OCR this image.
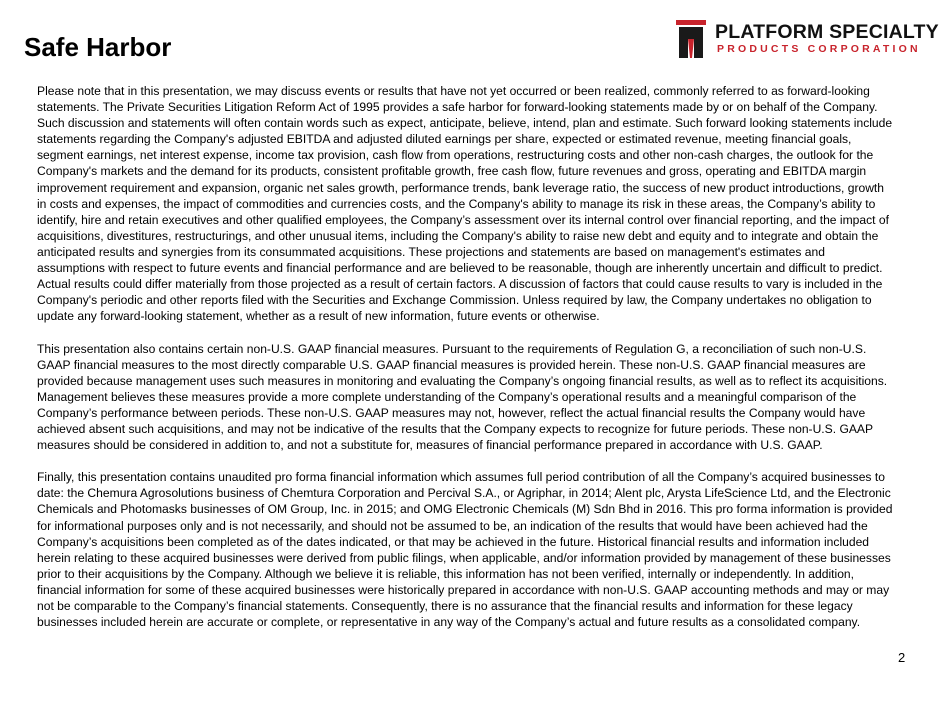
Safe Harbor	PLATFORM SPECIALTY
PRODUCTS CORPORATION

Please note that in this presentation, we may discuss events or results that have not yet occurred or been realized, commonly referred to as forward-looking statements. The Private Securities Litigation Reform Act of 1995 provides a safe harbor for forward-looking statements made by or on behalf of the Company. Such discussion and statements will often contain words such as expect, anticipate, believe, intend, plan and estimate. Such forward looking statements include statements regarding the Company's adjusted EBITDA and adjusted diluted earnings per share, expected or estimated revenue, meeting financial goals, segment earnings, net interest expense, income tax provision, cash flow from operations, restructuring costs and other non-cash charges, the outlook for the Company's markets and the demand for its products, consistent profitable growth, free cash flow, future revenues and gross, operating and EBITDA margin improvement requirement and expansion, organic net sales growth, performance trends, bank leverage ratio, the success of new product introductions, growth in costs and expenses, the impact of commodities and currencies costs, and the Company's ability to manage its risk in these areas, the Company’s ability to identify, hire and retain executives and other qualified employees, the Company’s assessment over its internal control over financial reporting, and the impact of acquisitions, divestitures, restructurings, and other unusual items, including the Company's ability to raise new debt and equity and to integrate and obtain the anticipated results and synergies from its consummated acquisitions. These projections and statements are based on management's estimates and assumptions with respect to future events and financial performance and are believed to be reasonable, though are inherently uncertain and difficult to predict. Actual results could differ materially from those projected as a result of certain factors. A discussion of factors that could cause results to vary is included in the Company's periodic and other reports filed with the Securities and Exchange Commission. Unless required by law, the Company undertakes no obligation to update any forward-looking statement, whether as a result of new information, future events or otherwise.

This presentation also contains certain non-U.S. GAAP financial measures. Pursuant to the requirements of Regulation G, a reconciliation of such non-U.S. GAAP financial measures to the most directly comparable U.S. GAAP financial measures is provided herein. These non-U.S. GAAP financial measures are provided because management uses such measures in monitoring and evaluating the Company’s ongoing financial results, as well as to reflect its acquisitions. Management believes these measures provide a more complete understanding of the Company’s operational results and a meaningful comparison of the Company’s performance between periods. These non-U.S. GAAP measures may not, however, reflect the actual financial results the Company would have achieved absent such acquisitions, and may not be indicative of the results that the Company expects to recognize for future periods. These non-U.S. GAAP measures should be considered in addition to, and not a substitute for, measures of financial performance prepared in accordance with U.S. GAAP.

Finally, this presentation contains unaudited pro forma financial information which assumes full period contribution of all the Company’s acquired businesses to date: the Chemura Agrosolutions business of Chemtura Corporation and Percival S.A., or Agriphar, in 2014; Alent plc, Arysta LifeScience Ltd, and the Electronic Chemicals and Photomasks businesses of OM Group, Inc. in 2015; and OMG Electronic Chemicals (M) Sdn Bhd in 2016. This pro forma information is provided for informational purposes only and is not necessarily, and should not be assumed to be, an indication of the results that would have been achieved had the Company’s acquisitions been completed as of the dates indicated, or that may be achieved in the future. Historical financial results and information included herein relating to these acquired businesses were derived from public filings, when applicable, and/or information provided by management of these businesses prior to their acquisitions by the Company. Although we believe it is reliable, this information has not been verified, internally or independently. In addition, financial information for some of these acquired businesses were historically prepared in accordance with non-U.S. GAAP accounting methods and may or may not be comparable to the Company’s financial statements. Consequently, there is no assurance that the financial results and information for these legacy businesses included herein are accurate or complete, or representative in any way of the Company’s actual and future results as a consolidated company.

2
